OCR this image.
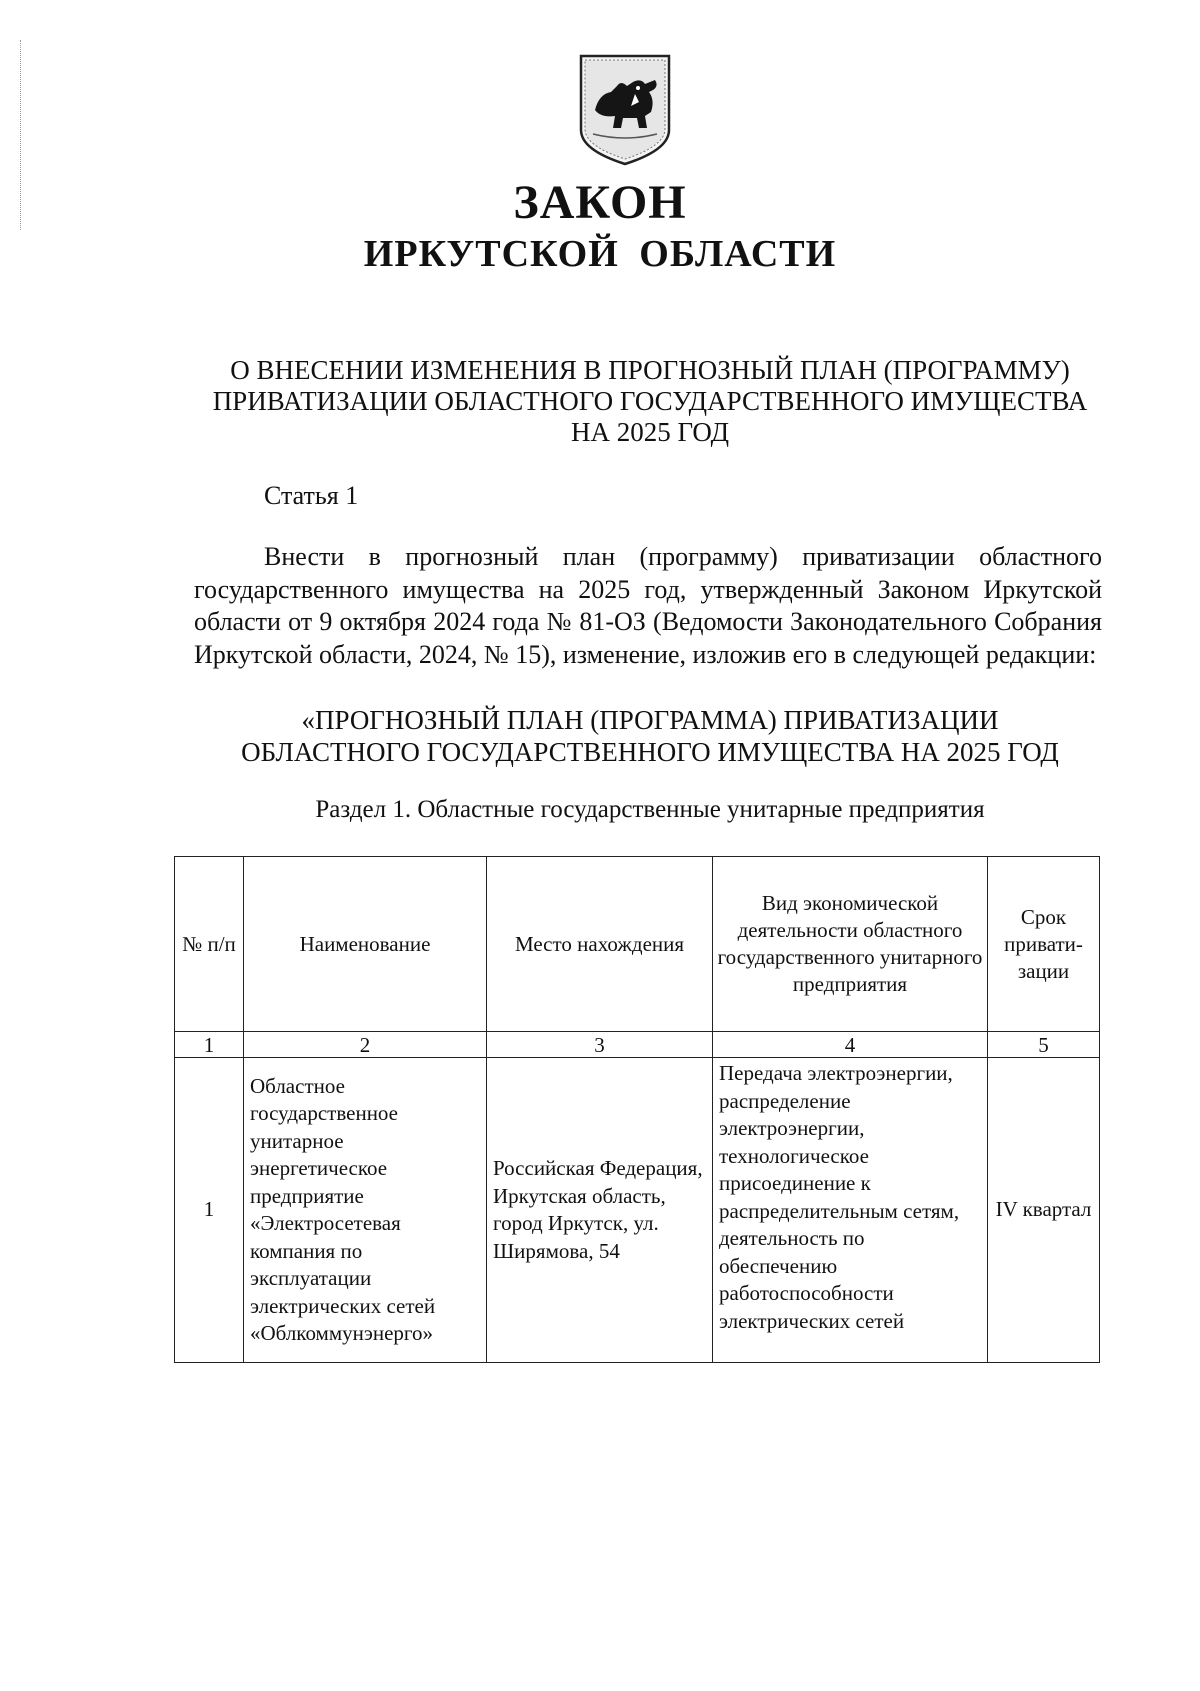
ЗАКОН
ИРКУТСКОЙ ОБЛАСТИ
О ВНЕСЕНИИ ИЗМЕНЕНИЯ В ПРОГНОЗНЫЙ ПЛАН (ПРОГРАММУ) ПРИВАТИЗАЦИИ ОБЛАСТНОГО ГОСУДАРСТВЕННОГО ИМУЩЕСТВА НА 2025 ГОД
Статья 1
Внести в прогнозный план (программу) приватизации областного государственного имущества на 2025 год, утвержденный Законом Иркутской области от 9 октября 2024 года № 81-ОЗ (Ведомости Законодательного Собрания Иркутской области, 2024, № 15), изменение, изложив его в следующей редакции:
«ПРОГНОЗНЫЙ ПЛАН (ПРОГРАММА) ПРИВАТИЗАЦИИ
ОБЛАСТНОГО ГОСУДАРСТВЕННОГО ИМУЩЕСТВА НА 2025 ГОД
Раздел 1. Областные государственные унитарные предприятия
№ п/п	Наименование	Место нахождения	Вид экономической деятельности областного государственного унитарного предприятия	Срок привати-зации
1	2	3	4	5
1	Областное государственное унитарное энергетическое предприятие «Электросетевая компания по эксплуатации электрических сетей «Облкоммунэнерго»	Российская Федерация, Иркутская область, город Иркутск, ул. Ширямова, 54	Передача электроэнергии, распределение электроэнергии, технологическое присоединение к распределительным сетям, деятельность по обеспечению работоспособности электрических сетей	IV квартал
